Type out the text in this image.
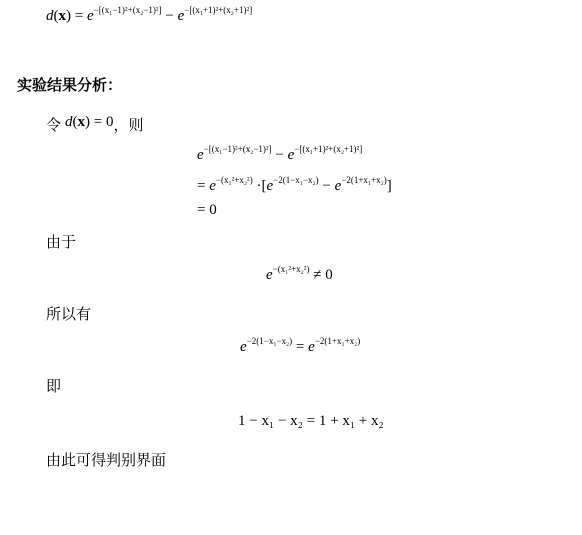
$d(x) = e^{-[(x_1-1)^2+(x_2-1)^2]} - e^{-[(x_1+1)^2+(x_2+1)^2]}$
实验结果分析：
令 d(x) = 0，则
$e^{-[(x_1-1)^2+(x_2-1)^2]} - e^{-[(x_1+1)^2+(x_2+1)^2]}$
= $e^{-(x_1^2+x_2^2)} \cdot[e^{-2(1-x_1-x_2)} - e^{-2(1+x_1+x_2)}]$
= 0
由于
$e^{-(x_1^2+x_2^2)} \ne 0$
所以有
$e^{-2(1-x_1-x_2)} = e^{-2(1+x_1+x_2)}$
即
1 − x₁ − x₂ = 1 + x₁ + x₂
由此可得判别界面
